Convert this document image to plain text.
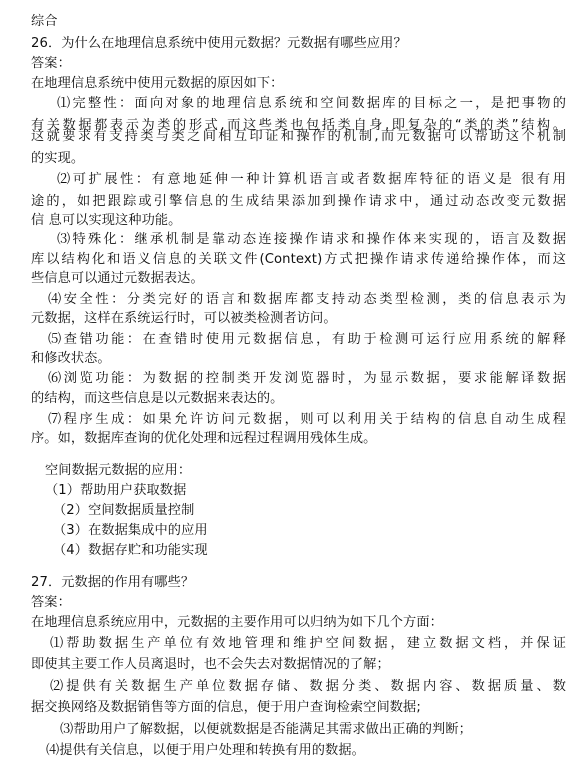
综合
26．为什么在地理信息系统中使用元数据？元数据有哪些应用？
答案：
在地理信息系统中使用元数据的原因如下：
⑴完整性：面向对象的地理信息系统和空间数据库的目标之一，是把事物的
有关数据都表示为类的形式,而这些类也包括类自身,即复杂的“类的类”结构。
这就要求有支持类与类之间相互印证和操作的机制,而元数据可以帮助这个机制
的实现。
⑵可扩展性：有意地延伸一种计算机语言或者数据库特征的语义是 很有用
途的，如把跟踪或引擎信息的生成结果添加到操作请求中，通过动态改变元数据
信 息可以实现这种功能。
⑶特殊化：继承机制是靠动态连接操作请求和操作体来实现的，语言及数据
库以结构化和语义信息的关联文件(Context)方式把操作请求传递给操作体，而这
些信息可以通过元数据表达。
⑷安全性：分类完好的语言和数据库都支持动态类型检测，类的信息表示为
元数据，这样在系统运行时，可以被类检测者访问。
⑸查错功能：在查错时使用元数据信息，有助于检测可运行应用系统的解释
和修改状态。
⑹浏览功能：为数据的控制类开发浏览器时，为显示数据，要求能解译数据
的结构，而这些信息是以元数据来表达的。
⑺程序生成：如果允许访问元数据，则可以利用关于结构的信息自动生成程
序。如，数据库查询的优化处理和远程过程调用残体生成。
空间数据元数据的应用：
（1）帮助用户获取数据
（2）空间数据质量控制
（3）在数据集成中的应用
（4）数据存贮和功能实现
27．元数据的作用有哪些？
答案：
在地理信息系统应用中，元数据的主要作用可以归纳为如下几个方面：
⑴帮助数据生产单位有效地管理和维护空间数据，建立数据文档，并保证
即使其主要工作人员离退时，也不会失去对数据情况的了解；
⑵提供有关数据生产单位数据存储、数据分类、数据内容、数据质量、数
据交换网络及数据销售等方面的信息，便于用户查询检索空间数据;
⑶帮助用户了解数据，以便就数据是否能满足其需求做出正确的判断；
⑷提供有关信息，以便于用户处理和转换有用的数据。
